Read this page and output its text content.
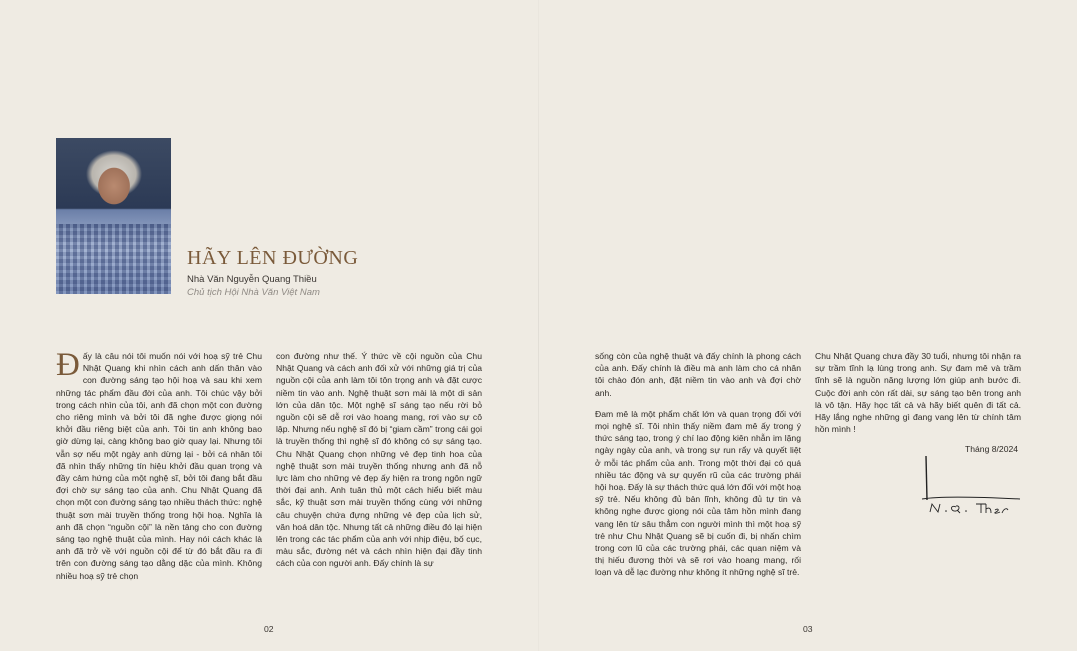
HÃY LÊN ĐƯỜNG
Nhà Văn Nguyễn Quang Thiều
Chủ tịch Hội Nhà Văn Việt Nam
Đấy là câu nói tôi muốn nói với hoạ sỹ trẻ Chu Nhật Quang khi nhìn cách anh dấn thân vào con đường sáng tạo hội hoạ và sau khi xem những tác phẩm đầu đời của anh. Tôi chúc vậy bởi trong cách nhìn của tôi, anh đã chọn một con đường cho riêng mình và bởi tôi đã nghe được giọng nói khởi đầu riêng biệt của anh. Tôi tin anh không bao giờ dừng lại, càng không bao giờ quay lại. Nhưng tôi vẫn sợ nếu một ngày anh dừng lại - bởi cá nhân tôi đã nhìn thấy những tín hiệu khởi đầu quan trọng và đầy cảm hứng của một nghệ sĩ, bởi tôi đang bắt đầu đợi chờ sự sáng tạo của anh. Chu Nhật Quang đã chọn một con đường sáng tạo nhiều thách thức: nghệ thuật sơn mài truyền thống trong hội hoạ. Nghĩa là anh đã chọn “nguồn cội” là nền tảng cho con đường sáng tạo nghệ thuật của mình. Hay nói cách khác là anh đã trở về với nguồn cội để từ đó bắt đầu ra đi trên con đường sáng tạo dằng dặc của mình. Không nhiều hoạ sỹ trẻ chọn
con đường như thế. Ý thức về cội nguồn của Chu Nhật Quang và cách anh đối xử với những giá trị của nguồn cội của anh làm tôi tôn trọng anh và đặt cược niềm tin vào anh. Nghệ thuật sơn mài là một di sản lớn của dân tộc. Một nghệ sĩ sáng tạo nếu rời bỏ nguồn cội sẽ dễ rơi vào hoang mang, rơi vào sự cô lập. Nhưng nếu nghệ sĩ đó bị “giam cầm” trong cái gọi là truyền thống thì nghệ sĩ đó không có sự sáng tạo. Chu Nhật Quang chọn những vẻ đẹp tinh hoa của nghệ thuật sơn mài truyền thống nhưng anh đã nỗ lực làm cho những vẻ đẹp ấy hiện ra trong ngôn ngữ thời đại anh. Anh tuân thủ một cách hiểu biết màu sắc, kỹ thuật sơn mài truyền thống cùng với những câu chuyện chứa đựng những vẻ đẹp của lịch sử, văn hoá dân tộc. Nhưng tất cả những điều đó lại hiện lên trong các tác phẩm của anh với nhịp điệu, bố cục, màu sắc, đường nét và cách nhìn hiện đại đầy tinh cách của con người anh. Đấy chính là sự

sống còn của nghệ thuật và đấy chính là phong cách của anh. Đấy chính là điều mà anh làm cho cá nhân tôi chào đón anh, đặt niềm tin vào anh và đợi chờ anh.

Đam mê là một phẩm chất lớn và quan trọng đối với mọi nghệ sĩ. Tôi nhìn thấy niềm đam mê ấy trong ý thức sáng tạo, trong ý chí lao động kiên nhẫn im lặng ngày ngày của anh, và trong sự run rẩy và quyết liệt ở mỗi tác phẩm của anh. Trong một thời đại có quá nhiều tác động và sự quyến rũ của các trường phái hội hoạ. Đấy là sự thách thức quá lớn đối với một hoạ sỹ trẻ. Nếu không đủ bản lĩnh, không đủ tự tin và không nghe được giọng nói của tâm hồn mình đang vang lên từ sâu thẳm con người mình thì một hoạ sỹ trẻ như Chu Nhật Quang sẽ bị cuốn đi, bị nhấn chìm trong cơn lũ của các trường phái, các quan niệm và thị hiếu đương thời và sẽ rơi vào hoang mang, rối loạn và dễ lạc đường như không ít những nghệ sĩ trẻ.

Chu Nhật Quang chưa đầy 30 tuổi, nhưng tôi nhận ra sự trầm tĩnh lạ lùng trong anh. Sự đam mê và trầm tĩnh sẽ là nguồn năng lượng lớn giúp anh bước đi. Cuộc đời anh còn rất dài, sự sáng tạo bên trong anh là vô tận. Hãy học tất cả và hãy biết quên đi tất cả. Hãy lắng nghe những gì đang vang lên từ chính tâm hồn mình !
Tháng 8/2024
02	03
